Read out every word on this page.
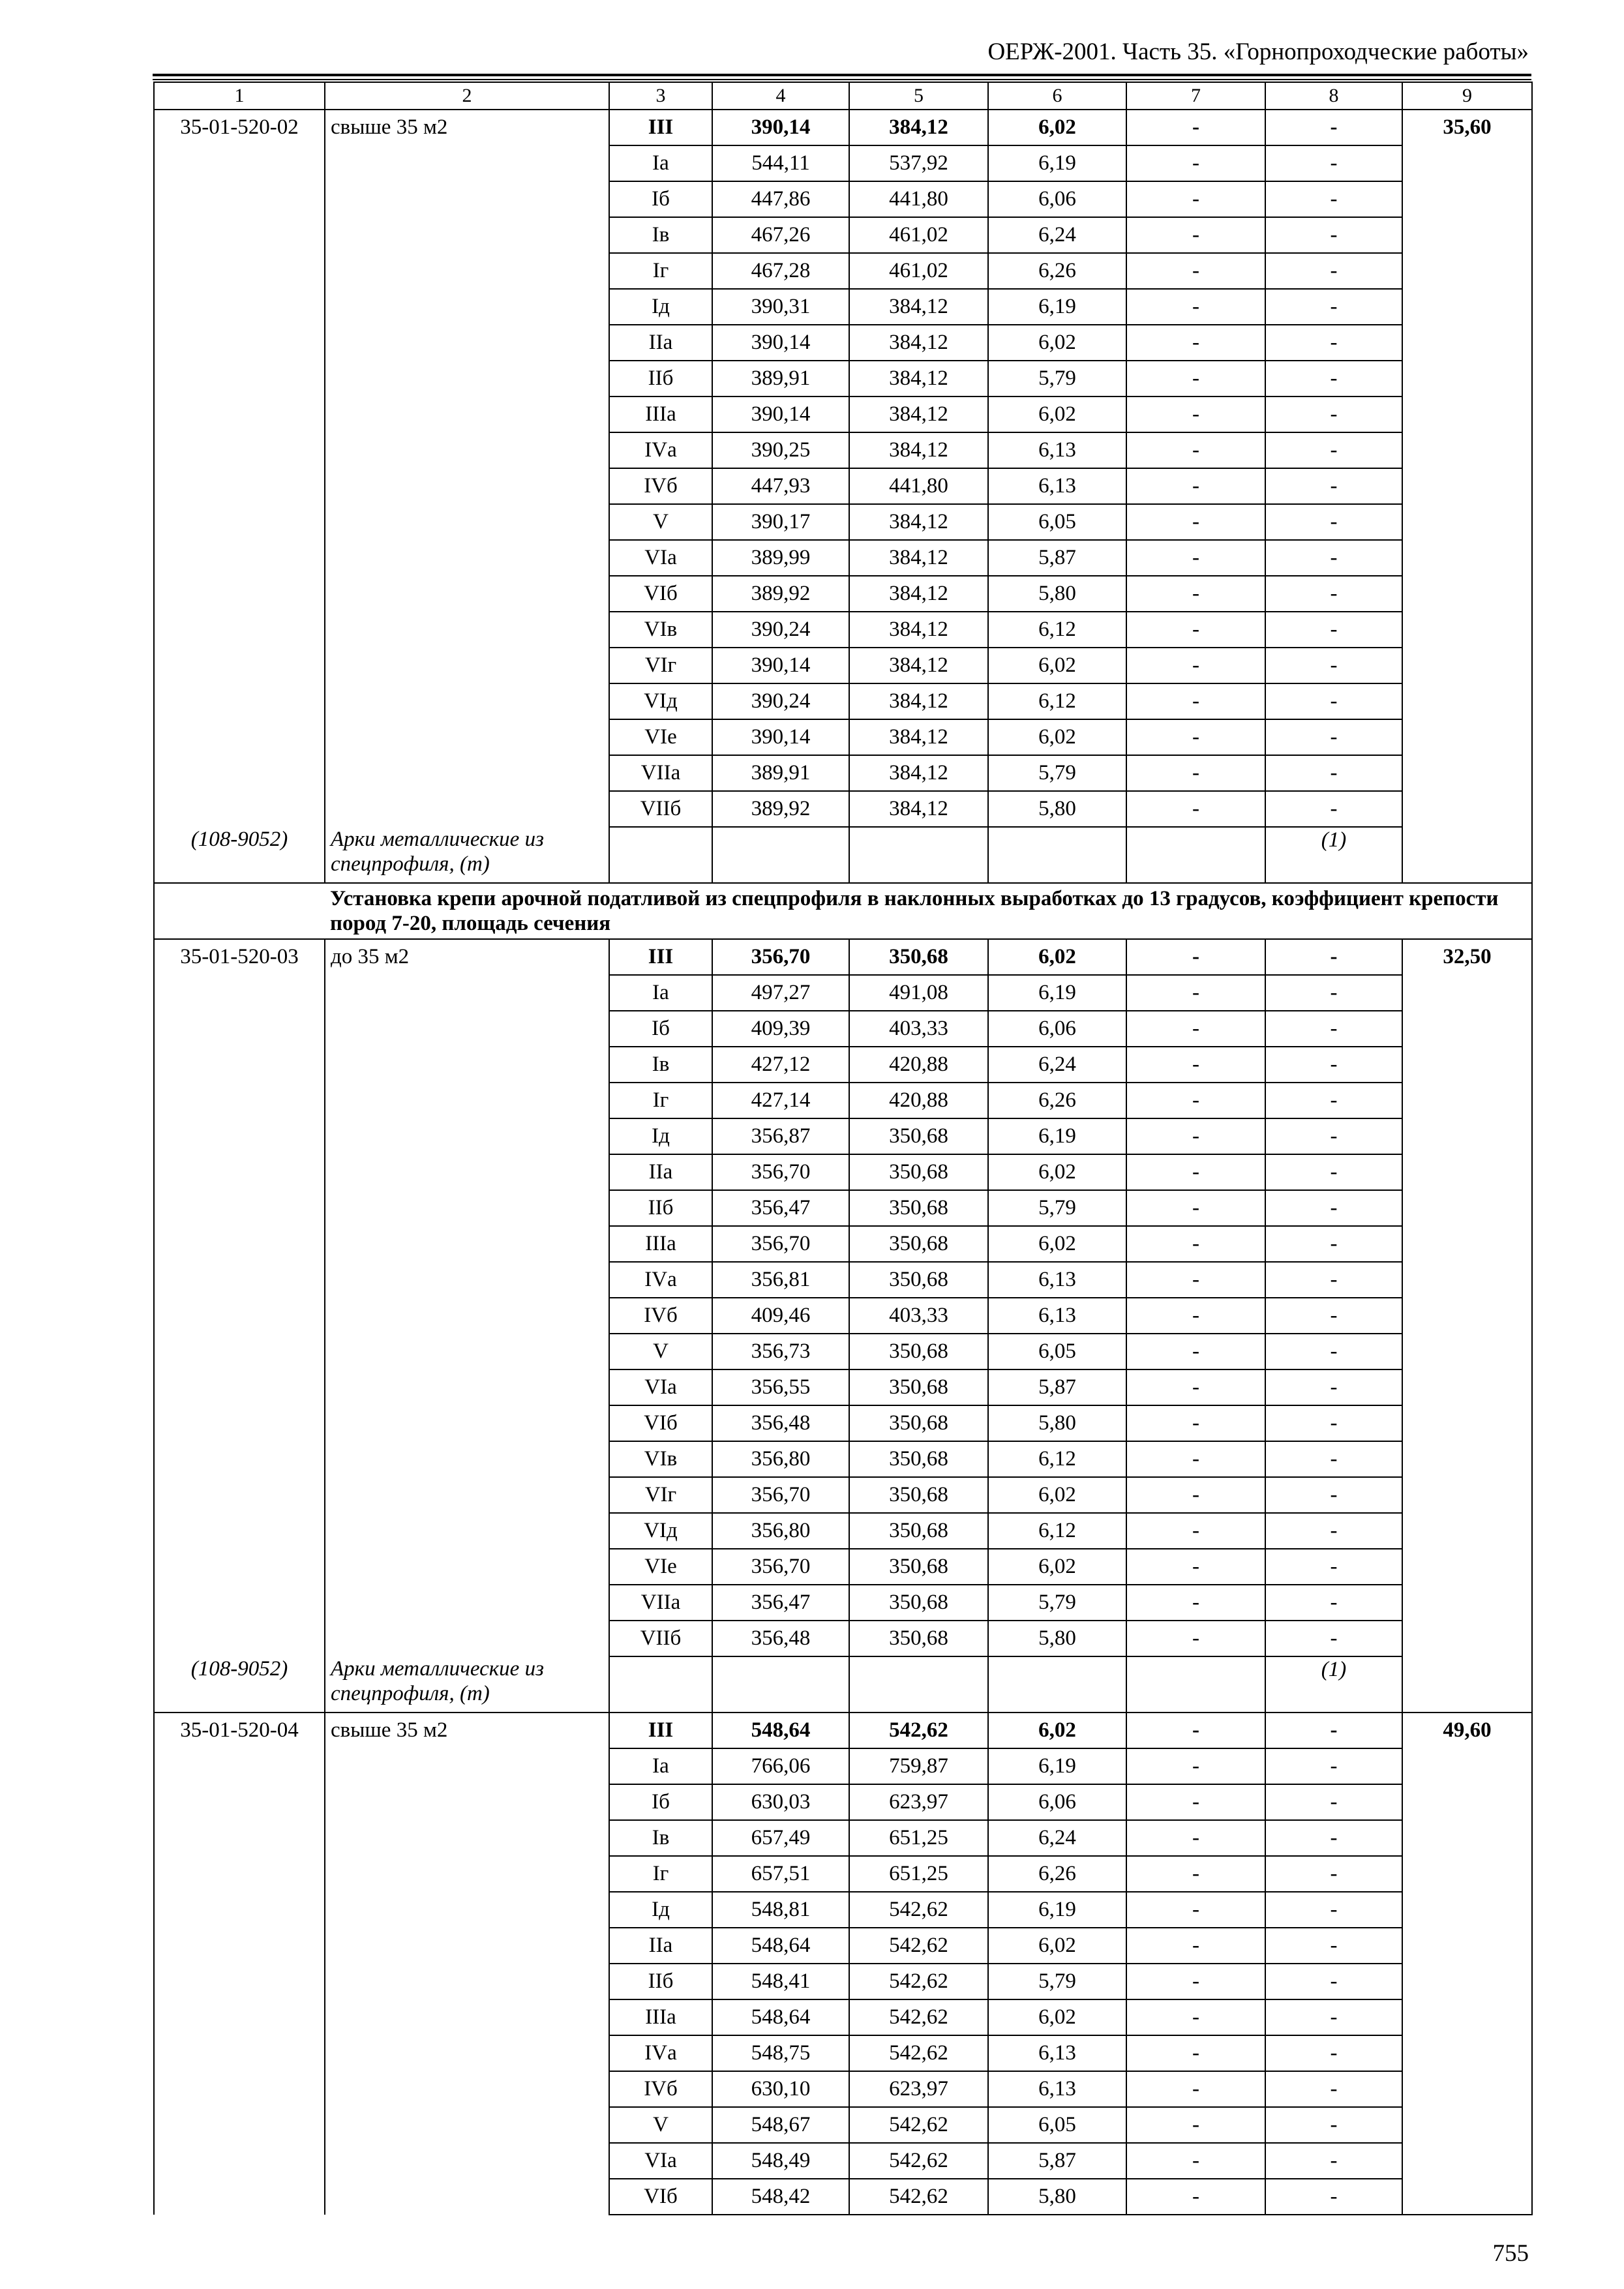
ОЕРЖ-2001. Часть 35. «Горнопроходческие работы»
1	2	3	4	5	6	7	8	9
35-01-520-02	свыше 35 м2	III	390,14	384,12	6,02	-	-	35,60
		Iа	544,11	537,92	6,19	-	-	
		Iб	447,86	441,80	6,06	-	-	
		Iв	467,26	461,02	6,24	-	-	
		Iг	467,28	461,02	6,26	-	-	
		Iд	390,31	384,12	6,19	-	-	
		IIа	390,14	384,12	6,02	-	-	
		IIб	389,91	384,12	5,79	-	-	
		IIIа	390,14	384,12	6,02	-	-	
		IVа	390,25	384,12	6,13	-	-	
		IVб	447,93	441,80	6,13	-	-	
		V	390,17	384,12	6,05	-	-	
		VIа	389,99	384,12	5,87	-	-	
		VIб	389,92	384,12	5,80	-	-	
		VIв	390,24	384,12	6,12	-	-	
		VIг	390,14	384,12	6,02	-	-	
		VIд	390,24	384,12	6,12	-	-	
		VIе	390,14	384,12	6,02	-	-	
		VIIа	389,91	384,12	5,79	-	-	
		VIIб	389,92	384,12	5,80	-	-	
(108-9052)	Арки металлические из спецпрофиля, (т)						(1)	
	Установка крепи арочной податливой из спецпрофиля в наклонных выработках до 13 градусов, коэффициент крепости пород 7-20, площадь сечения							
35-01-520-03	до 35 м2	III	356,70	350,68	6,02	-	-	32,50
		Iа	497,27	491,08	6,19	-	-	
		Iб	409,39	403,33	6,06	-	-	
		Iв	427,12	420,88	6,24	-	-	
		Iг	427,14	420,88	6,26	-	-	
		Iд	356,87	350,68	6,19	-	-	
		IIа	356,70	350,68	6,02	-	-	
		IIб	356,47	350,68	5,79	-	-	
		IIIа	356,70	350,68	6,02	-	-	
		IVа	356,81	350,68	6,13	-	-	
		IVб	409,46	403,33	6,13	-	-	
		V	356,73	350,68	6,05	-	-	
		VIа	356,55	350,68	5,87	-	-	
		VIб	356,48	350,68	5,80	-	-	
		VIв	356,80	350,68	6,12	-	-	
		VIг	356,70	350,68	6,02	-	-	
		VIд	356,80	350,68	6,12	-	-	
		VIе	356,70	350,68	6,02	-	-	
		VIIа	356,47	350,68	5,79	-	-	
		VIIб	356,48	350,68	5,80	-	-	
(108-9052)	Арки металлические из спецпрофиля, (т)						(1)	
35-01-520-04	свыше 35 м2	III	548,64	542,62	6,02	-	-	49,60
		Iа	766,06	759,87	6,19	-	-	
		Iб	630,03	623,97	6,06	-	-	
		Iв	657,49	651,25	6,24	-	-	
		Iг	657,51	651,25	6,26	-	-	
		Iд	548,81	542,62	6,19	-	-	
		IIа	548,64	542,62	6,02	-	-	
		IIб	548,41	542,62	5,79	-	-	
		IIIа	548,64	542,62	6,02	-	-	
		IVа	548,75	542,62	6,13	-	-	
		IVб	630,10	623,97	6,13	-	-	
		V	548,67	542,62	6,05	-	-	
		VIа	548,49	542,62	5,87	-	-	
		VIб	548,42	542,62	5,80	-	-	
755
